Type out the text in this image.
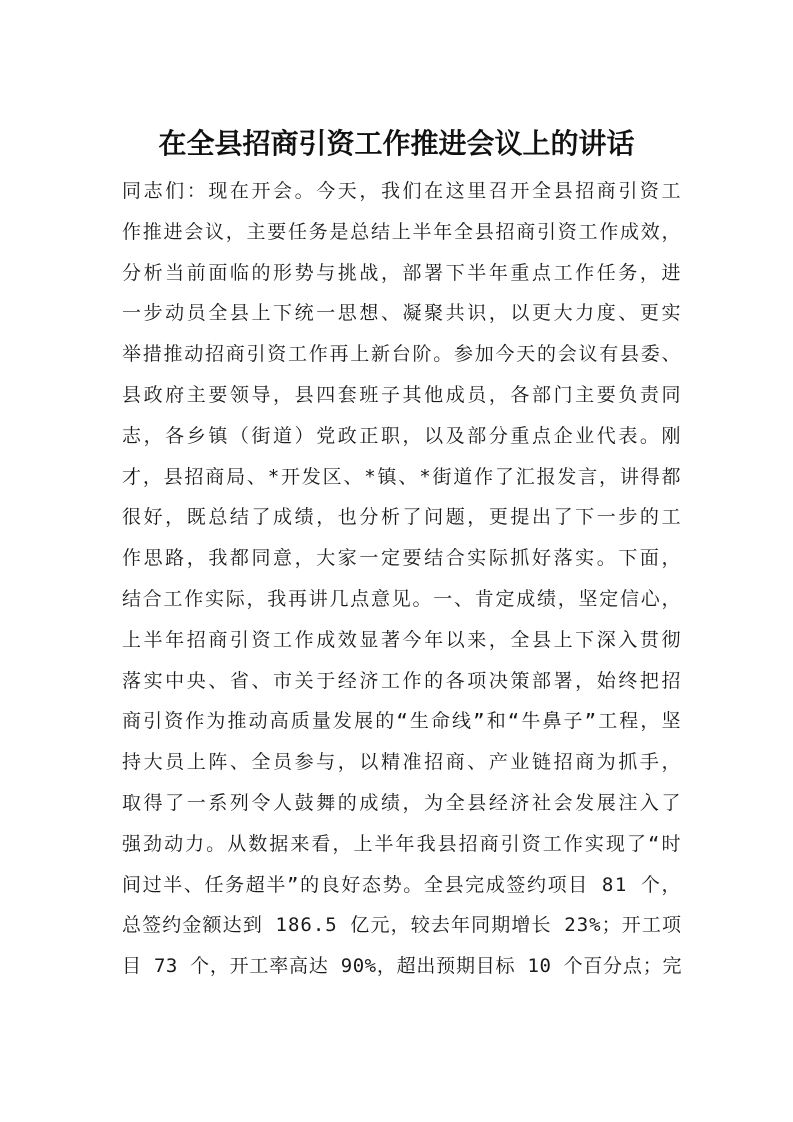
在全县招商引资工作推进会议上的讲话
同志们：现在开会。今天，我们在这里召开全县招商引资工
作推进会议，主要任务是总结上半年全县招商引资工作成效，
分析当前面临的形势与挑战，部署下半年重点工作任务，进
一步动员全县上下统一思想、凝聚共识，以更大力度、更实
举措推动招商引资工作再上新台阶。参加今天的会议有县委、
县政府主要领导，县四套班子其他成员，各部门主要负责同
志，各乡镇（街道）党政正职，以及部分重点企业代表。刚
才，县招商局、*开发区、*镇、*街道作了汇报发言，讲得都
很好，既总结了成绩，也分析了问题，更提出了下一步的工
作思路，我都同意，大家一定要结合实际抓好落实。下面，
结合工作实际，我再讲几点意见。一、肯定成绩，坚定信心，
上半年招商引资工作成效显著今年以来，全县上下深入贯彻
落实中央、省、市关于经济工作的各项决策部署，始终把招
商引资作为推动高质量发展的“生命线”和“牛鼻子”工程，坚
持大员上阵、全员参与，以精准招商、产业链招商为抓手，
取得了一系列令人鼓舞的成绩，为全县经济社会发展注入了
强劲动力。从数据来看，上半年我县招商引资工作实现了“时
间过半、任务超半”的良好态势。全县完成签约项目 81 个，
总签约金额达到 186.5 亿元，较去年同期增长 23%；开工项
目 73 个，开工率高达 90%，超出预期目标 10 个百分点；完
